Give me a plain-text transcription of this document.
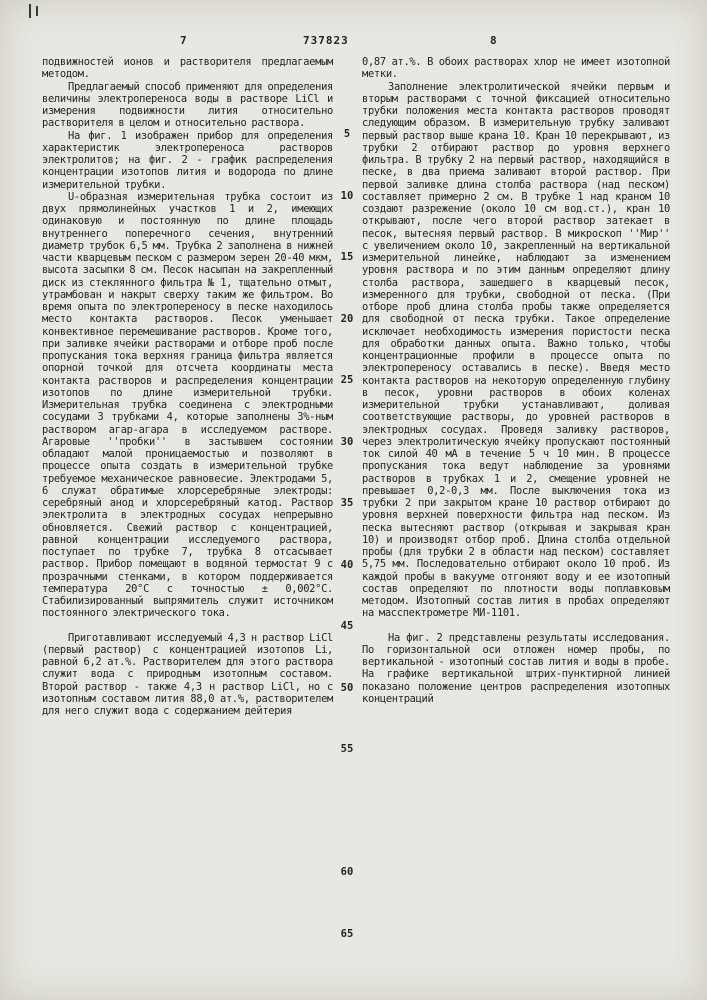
7	737823	8

подвижностей ионов и растворителя предлагаемым методом.

Предлагаемый способ применяют для определения величины электропереноса воды в растворе LiCl и измерения подвижности лития относительно растворителя в целом и относительно раствора.

На фиг. 1 изображен прибор для определения характеристик электропереноса растворов электролитов; на фиг. 2 - график распределения концентрации изотопов лития и водорода по длине измерительной трубки.

U-образная измерительная трубка состоит из двух прямолинейных участков 1 и 2, имеющих одинаковую и постоянную по длине площадь внутреннего поперечного сечения, внутренний диаметр трубок 6,5 мм. Трубка 2 заполнена в нижней части кварцевым песком с размером зерен 20-40 мкм, высота засыпки 8 см. Песок насыпан на закрепленный диск из стеклянного фильтра № 1, тщательно отмыт, утрамбован и накрыт сверху таким же фильтром. Во время опыта по электропереносу в песке находилось место контакта растворов. Песок уменьшает конвективное перемешивание растворов. Кроме того, при заливке ячейки растворами и отборе проб после пропускания тока верхняя граница фильтра является опорной точкой для отсчета координаты места контакта растворов и распределения концентрации изотопов по длине измерительной трубки. Измерительная трубка соединена с электродными сосудами 3 трубками 4, которые заполнены 3%-ным раствором агар-агара в исследуемом растворе. Агаровые ''пробки'' в застывшем состоянии обладают малой проницаемостью и позволяют в процессе опыта создать в измерительной трубке требуемое механическое равновесие. Электродами 5, 6 служат обратимые хлорсеребряные электроды: серебряный анод и хлорсеребряный катод. Раствор электролита в электродных сосудах непрерывно обновляется. Свежий раствор с концентрацией, равной концентрации исследуемого раствора, поступает по трубке 7, трубка 8 отсасывает раствор. Прибор помещают в водяной термостат 9 с прозрачными стенками, в котором поддерживается температура 20°С с точностью ± 0,002°С. Стабилизированный выпрямитель служит источником постоянного электрического тока.

Приготавливают исследуемый 4,3 н раствор LiCl (первый раствор) с концентрацией изотопов Li, равной 6,2 ат.%. Растворителем для этого раствора служит вода с природным изотопным составом. Второй раствор - также 4,3 н раствор LiCl, но с изотопным составом лития 88,0 ат.%, растворителем для него служит вода с содержанием дейтерия

5
10
15
20
25
30
35
40
45
50
55
60
65

0,87 ат.%. В обоих растворах хлор не имеет изотопной метки.

Заполнение электролитической ячейки первым и вторым растворами с точной фиксацией относительно трубки положения места контакта растворов проводят следующим образом. В измерительную трубку заливают первый раствор выше крана 10. Кран 10 перекрывают, из трубки 2 отбирают раствор до уровня верхнего фильтра. В трубку 2 на первый раствор, находящийся в песке, в два приема заливают второй раствор. При первой заливке длина столба раствора (над песком) составляет примерно 2 см. В трубке 1 над краном 10 создают разрежение (около 10 см вод.ст.), кран 10 открывают, после чего второй раствор затекает в песок, вытесняя первый раствор. В микроскоп ''Мир'' с увеличением около 10, закрепленный на вертикальной измерительной линейке, наблюдают за изменением уровня раствора и по этим данным определяют длину столба раствора, зашедшего в кварцевый песок, измеренного для трубки, свободной от песка. (При отборе проб длина столба пробы также определяется для свободной от песка трубки. Такое определение исключает необходимость измерения пористости песка для обработки данных опыта. Важно только, чтобы концентрационные профили в процессе опыта по электропереносу оставались в песке). Введя место контакта растворов на некоторую определенную глубину в песок, уровни растворов в обоих коленах измерительной трубки устанавливают, доливая соответствующие растворы, до уровней растворов в электродных сосудах. Проведя заливку растворов, через электролитическую ячейку пропускают постоянный ток силой 40 мА в течение 5 ч 10 мин. В процессе пропускания тока ведут наблюдение за уровнями растворов в трубках 1 и 2, смещение уровней не превышает 0,2-0,3 мм. После выключения тока из трубки 2 при закрытом кране 10 раствор отбирают до уровня верхней поверхности фильтра над песком. Из песка вытесняют раствор (открывая и закрывая кран 10) и производят отбор проб. Длина столба отдельной пробы (для трубки 2 в области над песком) составляет 5,75 мм. Последовательно отбирают около 10 проб. Из каждой пробы в вакууме отгоняют воду и ее изотопный состав определяют по плотности воды поплавковым методом. Изотопный состав лития в пробах определяют на масспектрометре МИ-1101.

На фиг. 2 представлены результаты исследования. По горизонтальной оси отложен номер пробы, по вертикальной - изотопный состав лития и воды в пробе. На графике вертикальной штрих-пунктирной линией показано положение центров распределения изотопных концентраций
